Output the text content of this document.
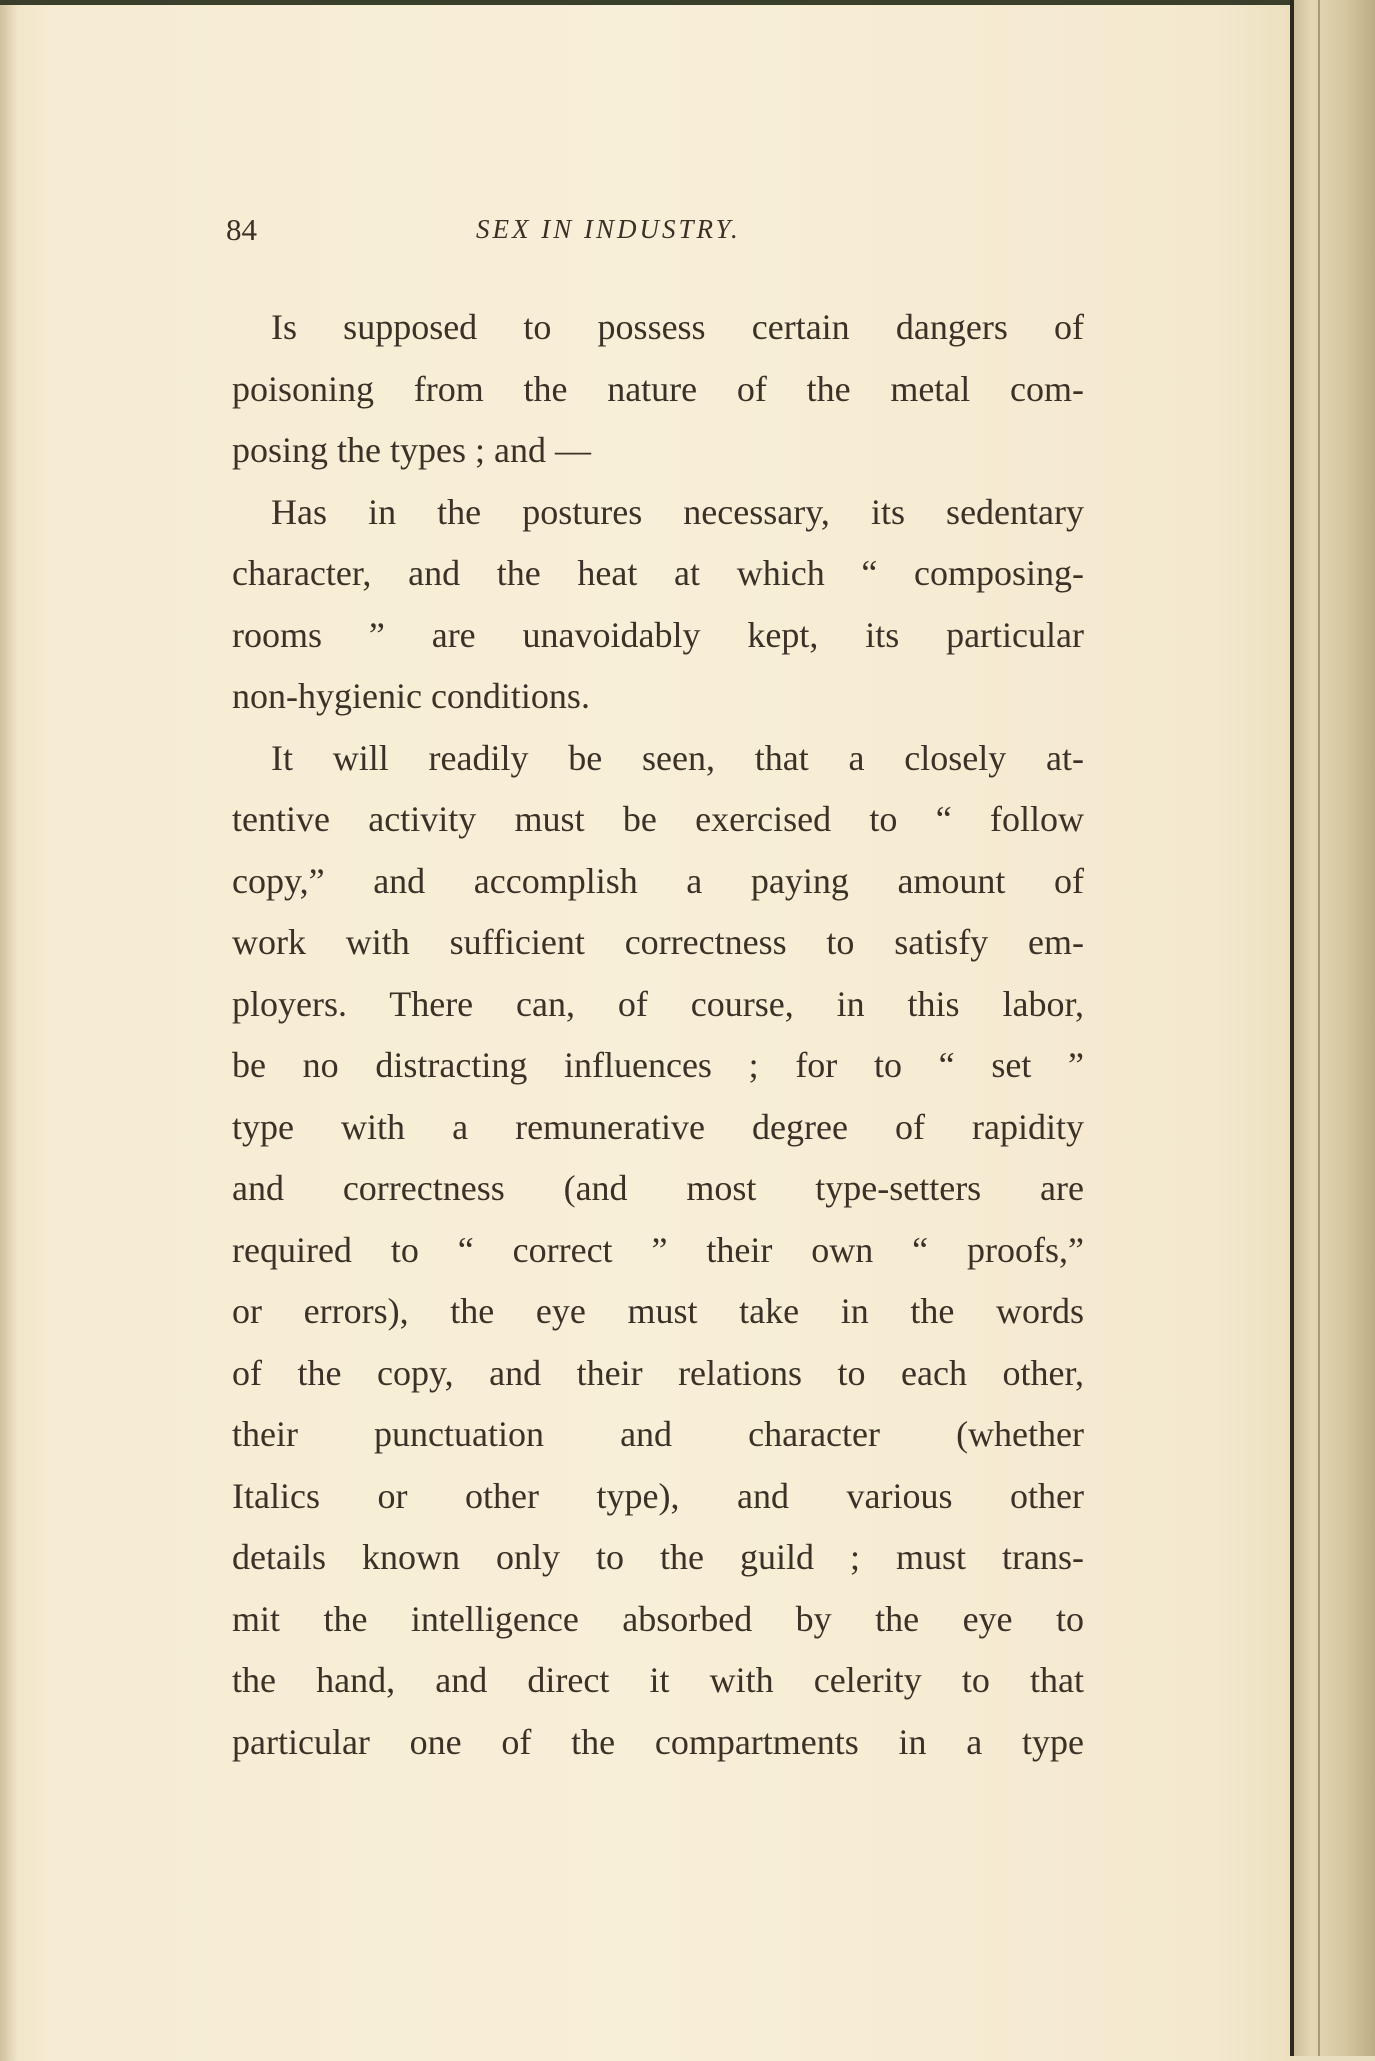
84	SEX IN INDUSTRY.
Is supposed to possess certain dangers of
poisoning from the nature of the metal com-
posing the types ; and —
Has in the postures necessary, its sedentary
character, and the heat at which “ composing-
rooms ” are unavoidably kept, its particular
non-hygienic conditions.
It will readily be seen, that a closely at-
tentive activity must be exercised to “ follow
copy,” and accomplish a paying amount of
work with sufficient correctness to satisfy em-
ployers. There can, of course, in this labor,
be no distracting influences ; for to “ set ”
type with a remunerative degree of rapidity
and correctness (and most type-setters are
required to “ correct ” their own “ proofs,”
or errors), the eye must take in the words
of the copy, and their relations to each other,
their punctuation and character (whether
Italics or other type), and various other
details known only to the guild ; must trans-
mit the intelligence absorbed by the eye to
the hand, and direct it with celerity to that
particular one of the compartments in a type
